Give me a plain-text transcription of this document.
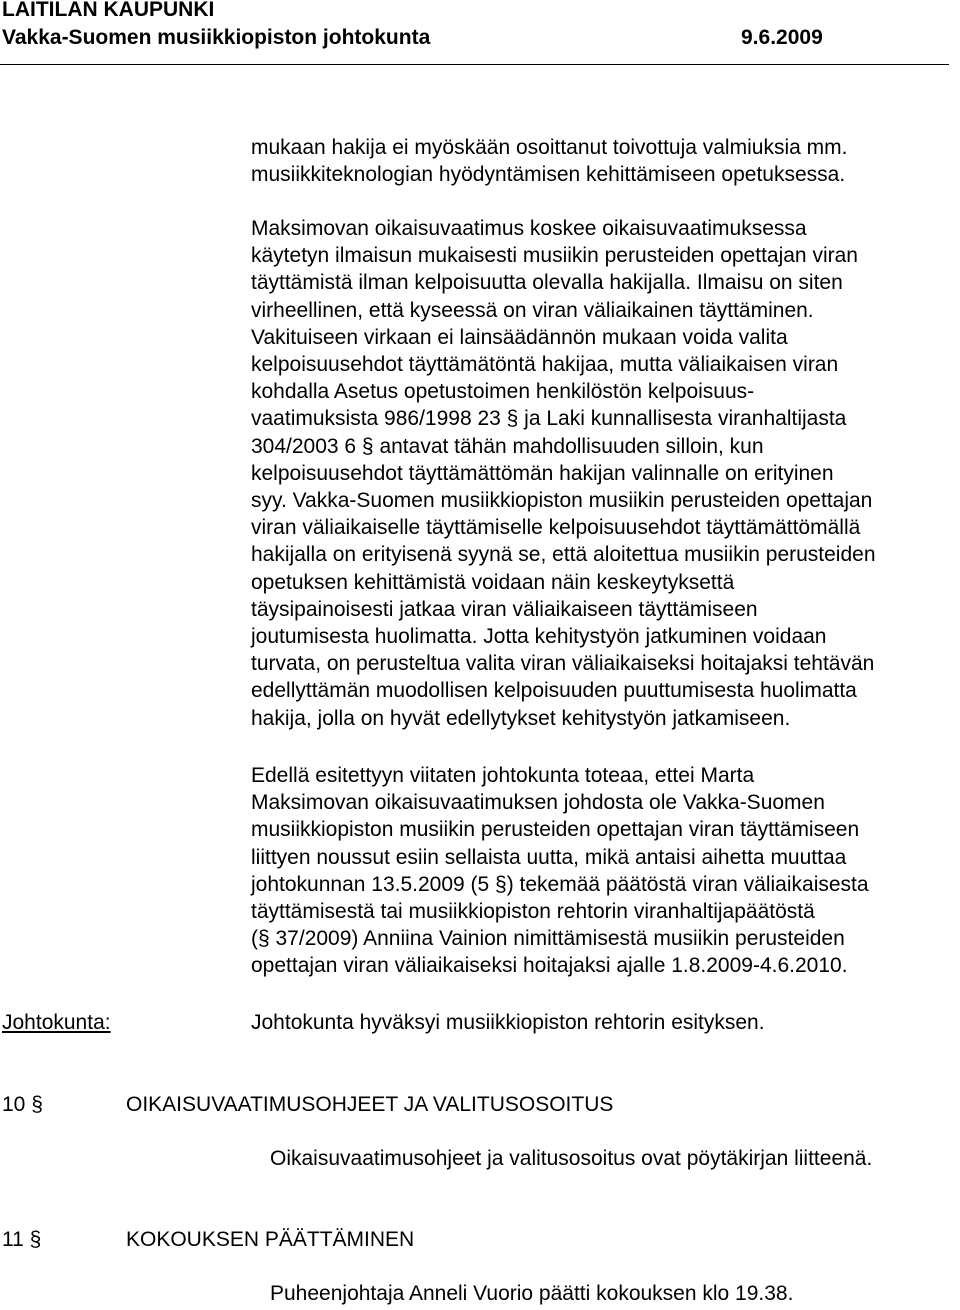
LAITILAN KAUPUNKI
Vakka-Suomen musiikkiopiston johtokunta	9.6.2009

mukaan hakija ei myöskään osoittanut toivottuja valmiuksia mm.

musiikkiteknologian hyödyntämisen kehittämiseen opetuksessa.

Maksimovan oikaisuvaatimus koskee oikaisuvaatimuksessa

käytetyn ilmaisun mukaisesti musiikin perusteiden opettajan viran

täyttämistä ilman kelpoisuutta olevalla hakijalla. Ilmaisu on siten

virheellinen, että kyseessä on viran väliaikainen täyttäminen.

Vakituiseen virkaan ei lainsäädännön mukaan voida valita

kelpoisuusehdot täyttämätöntä hakijaa, mutta väliaikaisen viran

kohdalla Asetus opetustoimen henkilöstön kelpoisuus-

vaatimuksista 986/1998 23 § ja Laki kunnallisesta viranhaltijasta

304/2003 6 § antavat tähän mahdollisuuden silloin, kun

kelpoisuusehdot täyttämättömän hakijan valinnalle on erityinen

syy. Vakka-Suomen musiikkiopiston musiikin perusteiden opettajan

viran väliaikaiselle täyttämiselle kelpoisuusehdot täyttämättömällä

hakijalla on erityisenä syynä se, että aloitettua musiikin perusteiden

opetuksen kehittämistä voidaan näin keskeytyksettä

täysipainoisesti jatkaa viran väliaikaiseen täyttämiseen

joutumisesta huolimatta. Jotta kehitystyön jatkuminen voidaan

turvata, on perusteltua valita viran väliaikaiseksi hoitajaksi tehtävän

edellyttämän muodollisen kelpoisuuden puuttumisesta huolimatta

hakija, jolla on hyvät edellytykset kehitystyön jatkamiseen.

Edellä esitettyyn viitaten johtokunta toteaa, ettei Marta

Maksimovan oikaisuvaatimuksen johdosta ole Vakka-Suomen

musiikkiopiston musiikin perusteiden opettajan viran täyttämiseen

liittyen noussut esiin sellaista uutta, mikä antaisi aihetta muuttaa

johtokunnan 13.5.2009 (5 §) tekemää päätöstä viran väliaikaisesta

täyttämisestä tai musiikkiopiston rehtorin viranhaltijapäätöstä

(§ 37/2009) Anniina Vainion nimittämisestä musiikin perusteiden

opettajan viran väliaikaiseksi hoitajaksi ajalle 1.8.2009-4.6.2010.

Johtokunta:	Johtokunta hyväksyi musiikkiopiston rehtorin esityksen.
10 §	OIKAISUVAATIMUSOHJEET JA VALITUSOSOITUS
Oikaisuvaatimusohjeet ja valitusosoitus ovat pöytäkirjan liitteenä.
11 §	KOKOUKSEN PÄÄTTÄMINEN
Puheenjohtaja Anneli Vuorio päätti kokouksen klo 19.38.
